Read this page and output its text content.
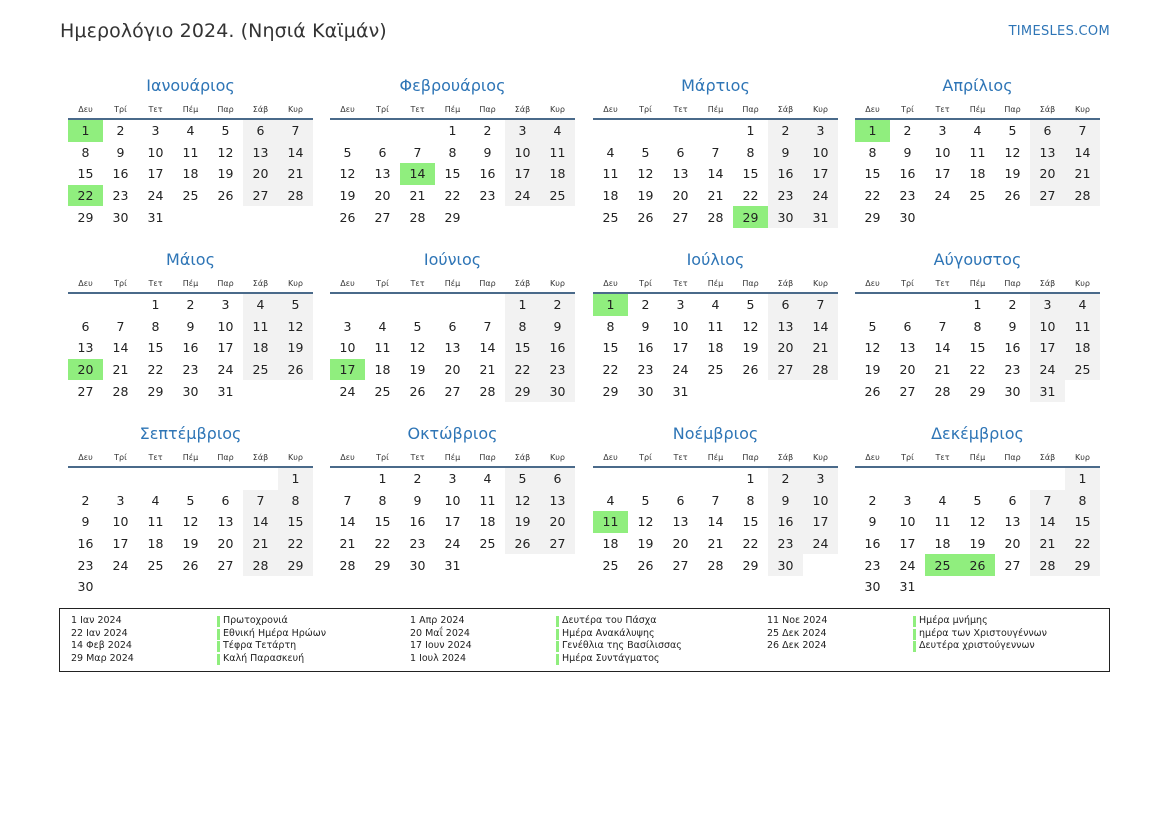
Ημερολόγιο 2024. (Νησιά Καϊμάν)	TIMESLES.COM
Ιανουάριος
Δευ	Τρί	Τετ	Πέμ	Παρ	Σάβ	Κυρ
1	2	3	4	5	6	7
8	9	10	11	12	13	14
15	16	17	18	19	20	21
22	23	24	25	26	27	28
29	30	31				
Φεβρουάριος
Δευ	Τρί	Τετ	Πέμ	Παρ	Σάβ	Κυρ
			1	2	3	4
5	6	7	8	9	10	11
12	13	14	15	16	17	18
19	20	21	22	23	24	25
26	27	28	29			
Μάρτιος
Δευ	Τρί	Τετ	Πέμ	Παρ	Σάβ	Κυρ
				1	2	3
4	5	6	7	8	9	10
11	12	13	14	15	16	17
18	19	20	21	22	23	24
25	26	27	28	29	30	31
Απρίλιος
Δευ	Τρί	Τετ	Πέμ	Παρ	Σάβ	Κυρ
1	2	3	4	5	6	7
8	9	10	11	12	13	14
15	16	17	18	19	20	21
22	23	24	25	26	27	28
29	30					
Μάιος
Δευ	Τρί	Τετ	Πέμ	Παρ	Σάβ	Κυρ
		1	2	3	4	5
6	7	8	9	10	11	12
13	14	15	16	17	18	19
20	21	22	23	24	25	26
27	28	29	30	31		
Ιούνιος
Δευ	Τρί	Τετ	Πέμ	Παρ	Σάβ	Κυρ
					1	2
3	4	5	6	7	8	9
10	11	12	13	14	15	16
17	18	19	20	21	22	23
24	25	26	27	28	29	30
Ιούλιος
Δευ	Τρί	Τετ	Πέμ	Παρ	Σάβ	Κυρ
1	2	3	4	5	6	7
8	9	10	11	12	13	14
15	16	17	18	19	20	21
22	23	24	25	26	27	28
29	30	31				
Αύγουστος
Δευ	Τρί	Τετ	Πέμ	Παρ	Σάβ	Κυρ
			1	2	3	4
5	6	7	8	9	10	11
12	13	14	15	16	17	18
19	20	21	22	23	24	25
26	27	28	29	30	31	
Σεπτέμβριος
Δευ	Τρί	Τετ	Πέμ	Παρ	Σάβ	Κυρ
						1
2	3	4	5	6	7	8
9	10	11	12	13	14	15
16	17	18	19	20	21	22
23	24	25	26	27	28	29
30						
Οκτώβριος
Δευ	Τρί	Τετ	Πέμ	Παρ	Σάβ	Κυρ
	1	2	3	4	5	6
7	8	9	10	11	12	13
14	15	16	17	18	19	20
21	22	23	24	25	26	27
28	29	30	31			
Νοέμβριος
Δευ	Τρί	Τετ	Πέμ	Παρ	Σάβ	Κυρ
				1	2	3
4	5	6	7	8	9	10
11	12	13	14	15	16	17
18	19	20	21	22	23	24
25	26	27	28	29	30	
Δεκέμβριος
Δευ	Τρί	Τετ	Πέμ	Παρ	Σάβ	Κυρ
						1
2	3	4	5	6	7	8
9	10	11	12	13	14	15
16	17	18	19	20	21	22
23	24	25	26	27	28	29
30	31					
1 Ιαν 2024	Πρωτοχρονιά
22 Ιαν 2024	Εθνική Ημέρα Ηρώων
14 Φεβ 2024	Τέφρα Τετάρτη
29 Μαρ 2024	Καλή Παρασκευή
1 Απρ 2024	Δευτέρα του Πάσχα
20 Μαΐ 2024	Ημέρα Ανακάλυψης
17 Ιουν 2024	Γενέθλια της Βασίλισσας
1 Ιουλ 2024	Ημέρα Συντάγματος
11 Νοε 2024	Ημέρα μνήμης
25 Δεκ 2024	ημέρα των Χριστουγέννων
26 Δεκ 2024	Δευτέρα χριστούγεννων
